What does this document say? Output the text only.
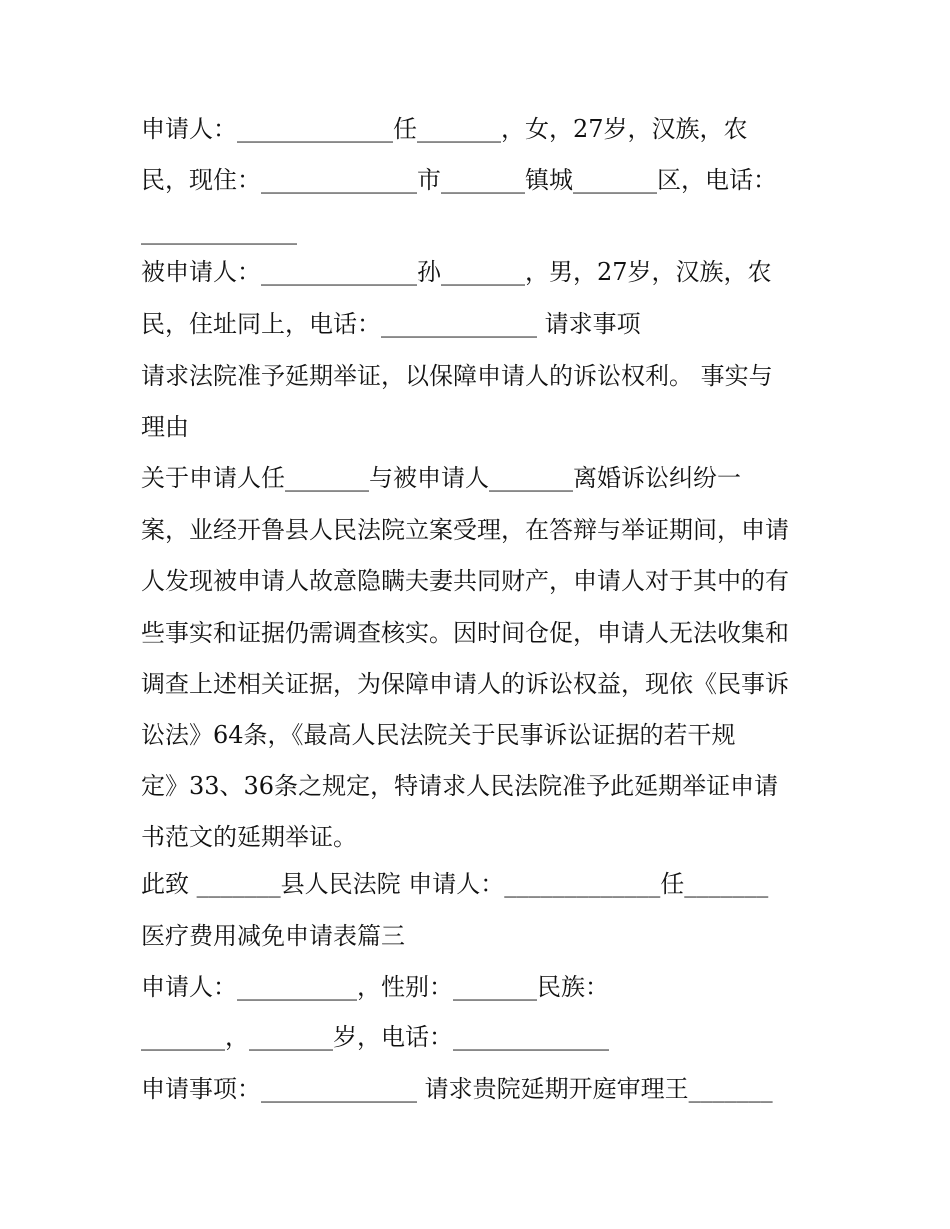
申请人：_____________任_______，女，27岁，汉族，农
民，现住：_____________市_______镇城_______区，电话：
_____________
被申请人：_____________孙_______，男，27岁，汉族，农
民，住址同上，电话：_____________ 请求事项
请求法院准予延期举证，以保障申请人的诉讼权利。 事实与
理由
关于申请人任_______与被申请人_______离婚诉讼纠纷一
案，业经开鲁县人民法院立案受理，在答辩与举证期间，申请
人发现被申请人故意隐瞒夫妻共同财产，申请人对于其中的有
些事实和证据仍需调查核实。因时间仓促，申请人无法收集和
调查上述相关证据，为保障申请人的诉讼权益，现依《民事诉
讼法》64条，《最高人民法院关于民事诉讼证据的若干规
定》33、36条之规定，特请求人民法院准予此延期举证申请
书范文的延期举证。
此致 _______县人民法院 申请人：_____________任_______
医疗费用减免申请表篇三
申请人：__________，性别：_______民族：
_______，_______岁，电话：_____________
申请事项：_____________ 请求贵院延期开庭审理王_______
